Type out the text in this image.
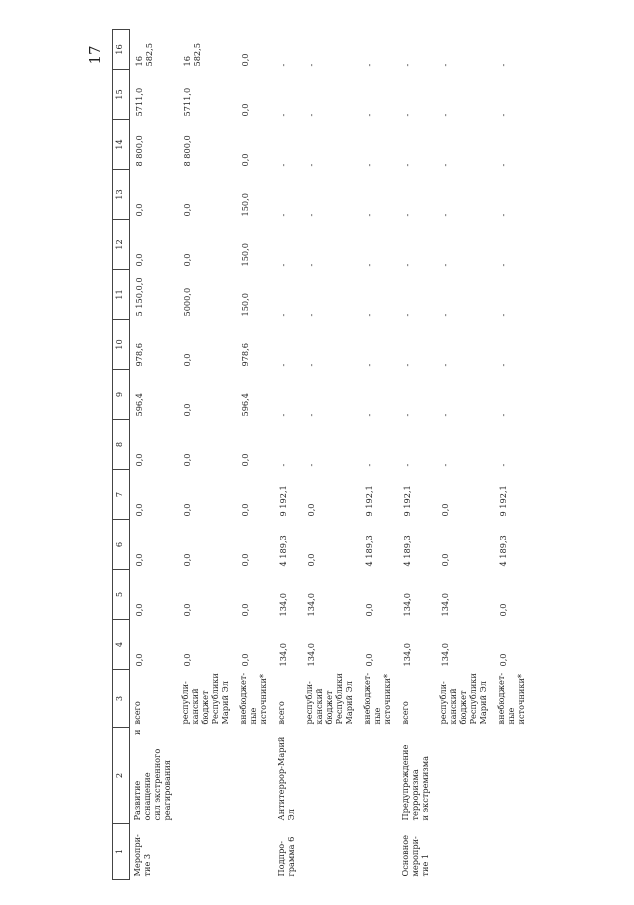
17
1	2	3	4	5	6	7	8	9	10	11	12	13	14	15	16
Меропри-
тие 3	Развитие и оснащение
сил экстренного
реагирования	всего	0,0	0,0	0,0	0,0	0,0	596,4	978,6	5 150,0,0	0,0	0,0	8 800,0	5711,0	16 582,5
		республи-
канский
бюджет
Республики
Марий Эл	0,0	0,0	0,0	0,0	0,0	0,0	0,0	5000,0	0,0	0,0	8 800,0	5711,0	16 582,5
		внебюджет-
ные
источники*	0,0	0,0	0,0	0,0	0,0	596,4	978,6	150,0	150,0	150,0	0,0	0,0	0,0
Подпро-
грамма 6	Антитеррор-Марий Эл	всего	134,0	134,0	4 189,3	9 192,1	-	-	-	-	-	-	-	-	-
		республи-
канский
бюджет
Республики
Марий Эл	134,0	134,0	0,0	0,0	-	-	-	-	-	-	-	-	-
		внебюджет-
ные
источники*	0,0	0,0	4 189,3	9 192,1	-	-	-	-	-	-	-	-	-
Основное
меропри-
тие 1	Предупреждение
терроризма
и экстремизма	всего	134,0	134,0	4 189,3	9 192,1	-	-	-	-	-	-	-	-	-
		республи-
канский
бюджет
Республики
Марий Эл	134,0	134,0	0,0	0,0	-	-	-	-	-	-	-	-	-
		внебюджет-
ные
источники*	0,0	0,0	4 189,3	9 192,1	-	-	-	-	-	-	-	-	-
